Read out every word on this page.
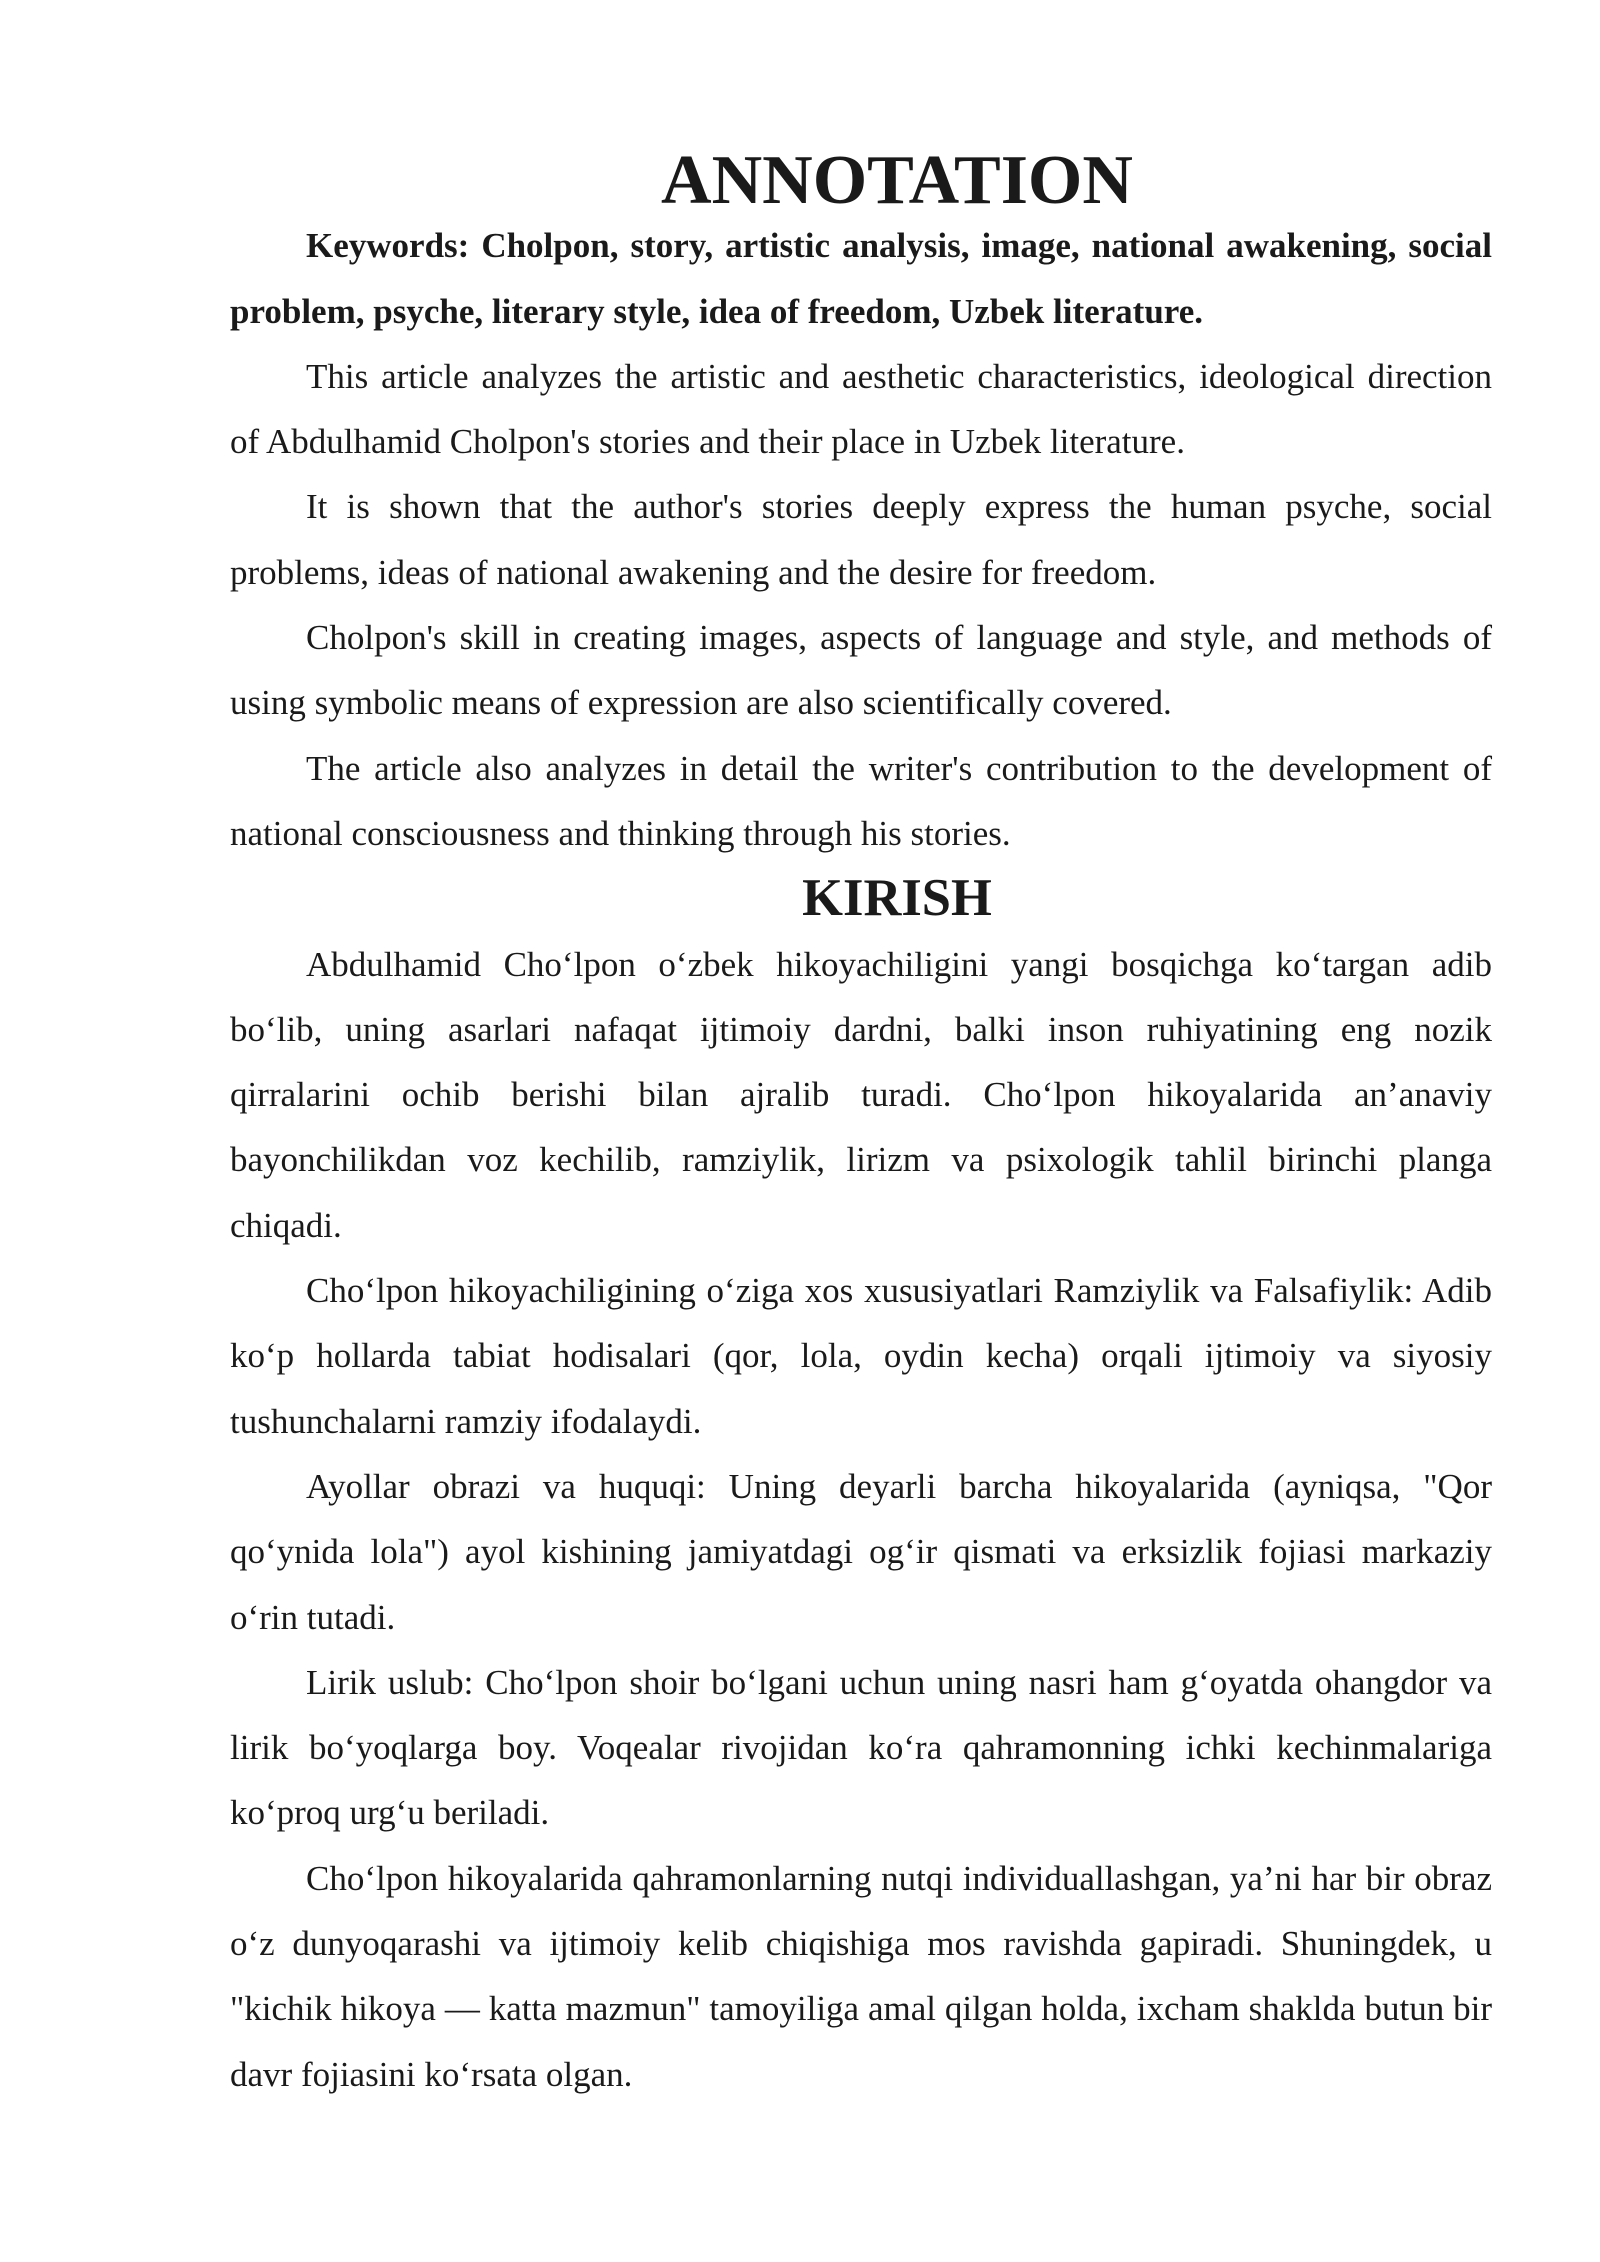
ANNOTATION

Keywords: Cholpon, story, artistic analysis, image, national awakening, social problem, psyche, literary style, idea of freedom, Uzbek literature.

This article analyzes the artistic and aesthetic characteristics, ideological direction of Abdulhamid Cholpon's stories and their place in Uzbek literature.

It is shown that the author's stories deeply express the human psyche, social problems, ideas of national awakening and the desire for freedom.

Cholpon's skill in creating images, aspects of language and style, and methods of using symbolic means of expression are also scientifically covered.

The article also analyzes in detail the writer's contribution to the development of national consciousness and thinking through his stories.

KIRISH

Abdulhamid Cho‘lpon o‘zbek hikoyachiligini yangi bosqichga ko‘targan adib bo‘lib, uning asarlari nafaqat ijtimoiy dardni, balki inson ruhiyatining eng nozik qirralarini ochib berishi bilan ajralib turadi. Cho‘lpon hikoyalarida an’anaviy bayonchilikdan voz kechilib, ramziylik, lirizm va psixologik tahlil birinchi planga chiqadi.

Cho‘lpon hikoyachiligining o‘ziga xos xususiyatlari Ramziylik va Falsafiylik: Adib ko‘p hollarda tabiat hodisalari (qor, lola, oydin kecha) orqali ijtimoiy va siyosiy tushunchalarni ramziy ifodalaydi.

Ayollar obrazi va huquqi: Uning deyarli barcha hikoyalarida (ayniqsa, "Qor qo‘ynida lola") ayol kishining jamiyatdagi og‘ir qismati va erksizlik fojiasi markaziy o‘rin tutadi.

Lirik uslub: Cho‘lpon shoir bo‘lgani uchun uning nasri ham g‘oyatda ohangdor va lirik bo‘yoqlarga boy. Voqealar rivojidan ko‘ra qahramonning ichki kechinmalariga ko‘proq urg‘u beriladi.

Cho‘lpon hikoyalarida qahramonlarning nutqi individuallashgan, ya’ni har bir obraz o‘z dunyoqarashi va ijtimoiy kelib chiqishiga mos ravishda gapiradi. Shuningdek, u "kichik hikoya — katta mazmun" tamoyiliga amal qilgan holda, ixcham shaklda butun bir davr fojiasini ko‘rsata olgan.
